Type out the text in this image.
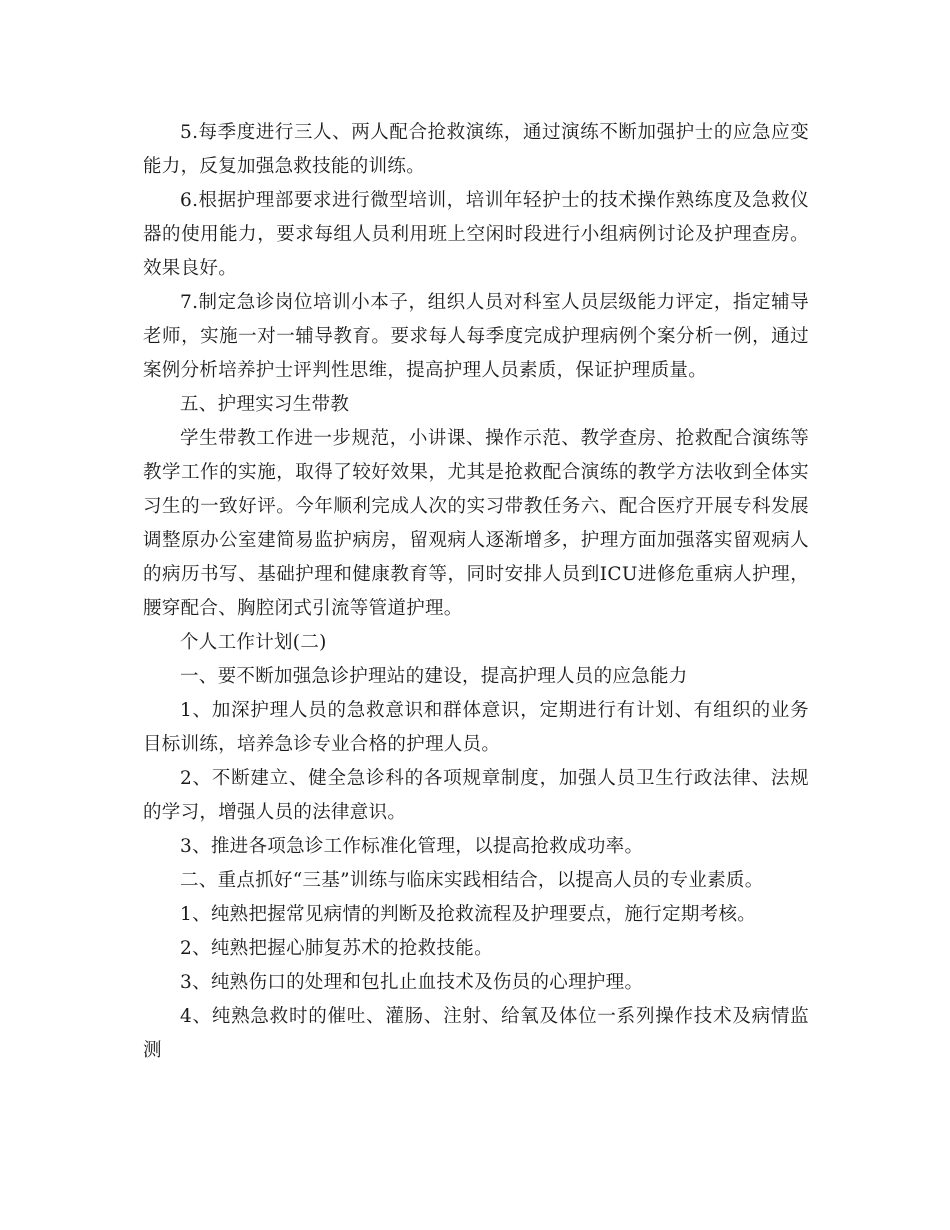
5.每季度进行三人、两人配合抢救演练，通过演练不断加强护士的应急应变能力，反复加强急救技能的训练。

6.根据护理部要求进行微型培训，培训年轻护士的技术操作熟练度及急救仪器的使用能力，要求每组人员利用班上空闲时段进行小组病例讨论及护理查房。效果良好。

7.制定急诊岗位培训小本子，组织人员对科室人员层级能力评定，指定辅导老师，实施一对一辅导教育。要求每人每季度完成护理病例个案分析一例，通过案例分析培养护士评判性思维，提高护理人员素质，保证护理质量。

五、护理实习生带教

学生带教工作进一步规范，小讲课、操作示范、教学查房、抢救配合演练等教学工作的实施，取得了较好效果，尤其是抢救配合演练的教学方法收到全体实习生的一致好评。今年顺利完成人次的实习带教任务六、配合医疗开展专科发展调整原办公室建简易监护病房，留观病人逐渐增多，护理方面加强落实留观病人的病历书写、基础护理和健康教育等，同时安排人员到ICU进修危重病人护理，腰穿配合、胸腔闭式引流等管道护理。

个人工作计划(二)

一、要不断加强急诊护理站的建设，提高护理人员的应急能力

1、加深护理人员的急救意识和群体意识，定期进行有计划、有组织的业务目标训练，培养急诊专业合格的护理人员。

2、不断建立、健全急诊科的各项规章制度，加强人员卫生行政法律、法规的学习，增强人员的法律意识。

3、推进各项急诊工作标准化管理，以提高抢救成功率。

二、重点抓好“三基”训练与临床实践相结合，以提高人员的专业素质。

1、纯熟把握常见病情的判断及抢救流程及护理要点，施行定期考核。

2、纯熟把握心肺复苏术的抢救技能。

3、纯熟伤口的处理和包扎止血技术及伤员的心理护理。

4、纯熟急救时的催吐、灌肠、注射、给氧及体位一系列操作技术及病情监测
